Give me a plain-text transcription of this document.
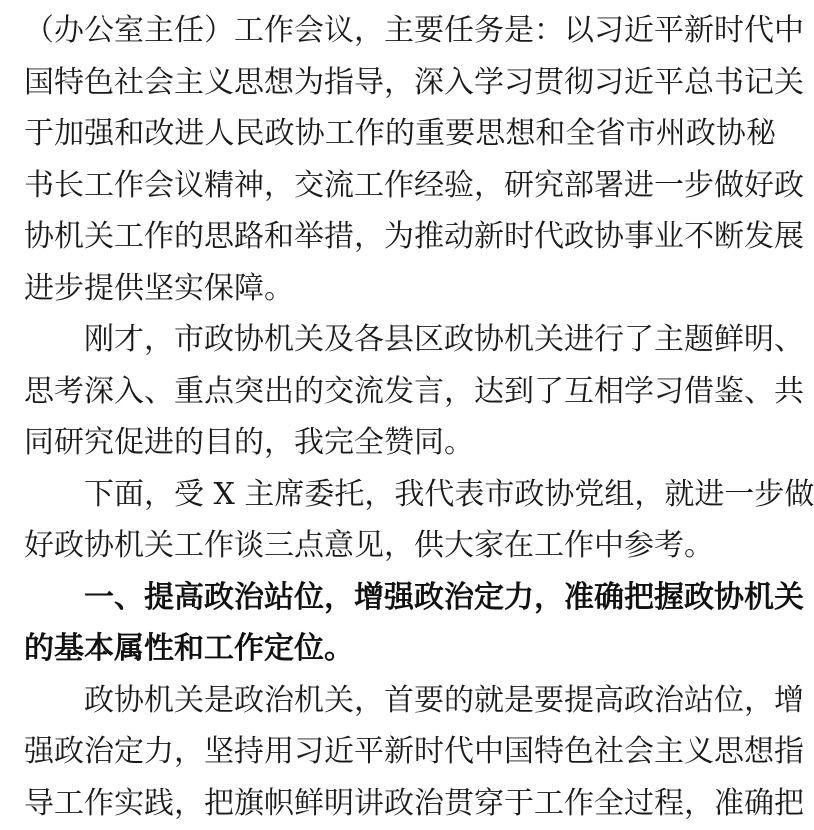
（办公室主任）工作会议，主要任务是：以习近平新时代中
国特色社会主义思想为指导，深入学习贯彻习近平总书记关
于加强和改进人民政协工作的重要思想和全省市州政协秘
书长工作会议精神，交流工作经验，研究部署进一步做好政
协机关工作的思路和举措，为推动新时代政协事业不断发展
进步提供坚实保障。
刚才，市政协机关及各县区政协机关进行了主题鲜明、
思考深入、重点突出的交流发言，达到了互相学习借鉴、共
同研究促进的目的，我完全赞同。
下面，受 X 主席委托，我代表市政协党组，就进一步做
好政协机关工作谈三点意见，供大家在工作中参考。
一、提高政治站位，增强政治定力，准确把握政协机关
的基本属性和工作定位。
政协机关是政治机关，首要的就是要提高政治站位，增
强政治定力，坚持用习近平新时代中国特色社会主义思想指
导工作实践，把旗帜鲜明讲政治贯穿于工作全过程，准确把
